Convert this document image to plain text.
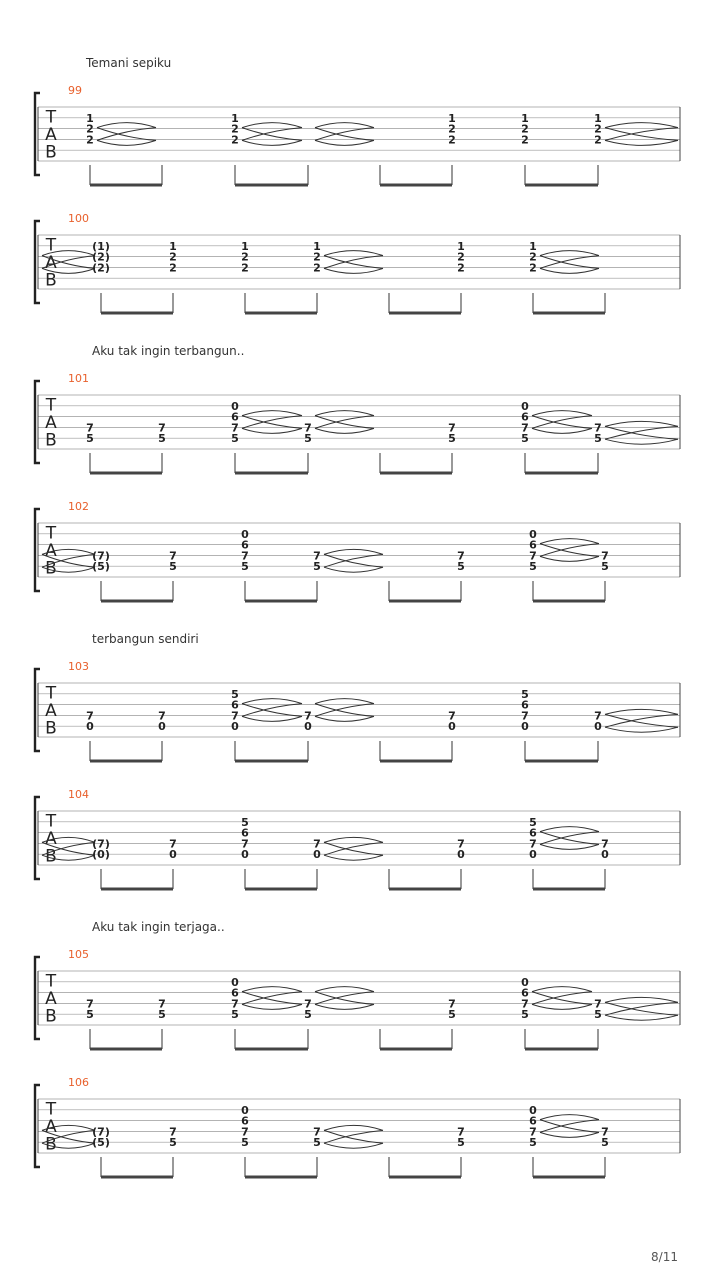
Temani sepiku
99
T
A
B
1
2
2
1
2
2
1
2
2
1
2
2
1
2
2
100
T
A
B
(1)
(2)
(2)
1
2
2
1
2
2
1
2
2
1
2
2
1
2
2
Aku tak ingin terbangun..
101
T
A
B
7
5
7
5
0
6
7
5
7
5
7
5
0
6
7
5
7
5
102
T
A
B
(7)
(5)
7
5
0
6
7
5
7
5
7
5
0
6
7
5
7
5
terbangun sendiri
103
T
A
B
7
0
7
0
5
6
7
0
7
0
7
0
5
6
7
0
7
0
104
T
A
B
(7)
(0)
7
0
5
6
7
0
7
0
7
0
5
6
7
0
7
0
Aku tak ingin terjaga..
105
T
A
B
7
5
7
5
0
6
7
5
7
5
7
5
0
6
7
5
7
5
106
T
A
B
(7)
(5)
7
5
0
6
7
5
7
5
7
5
0
6
7
5
7
5
8/11
